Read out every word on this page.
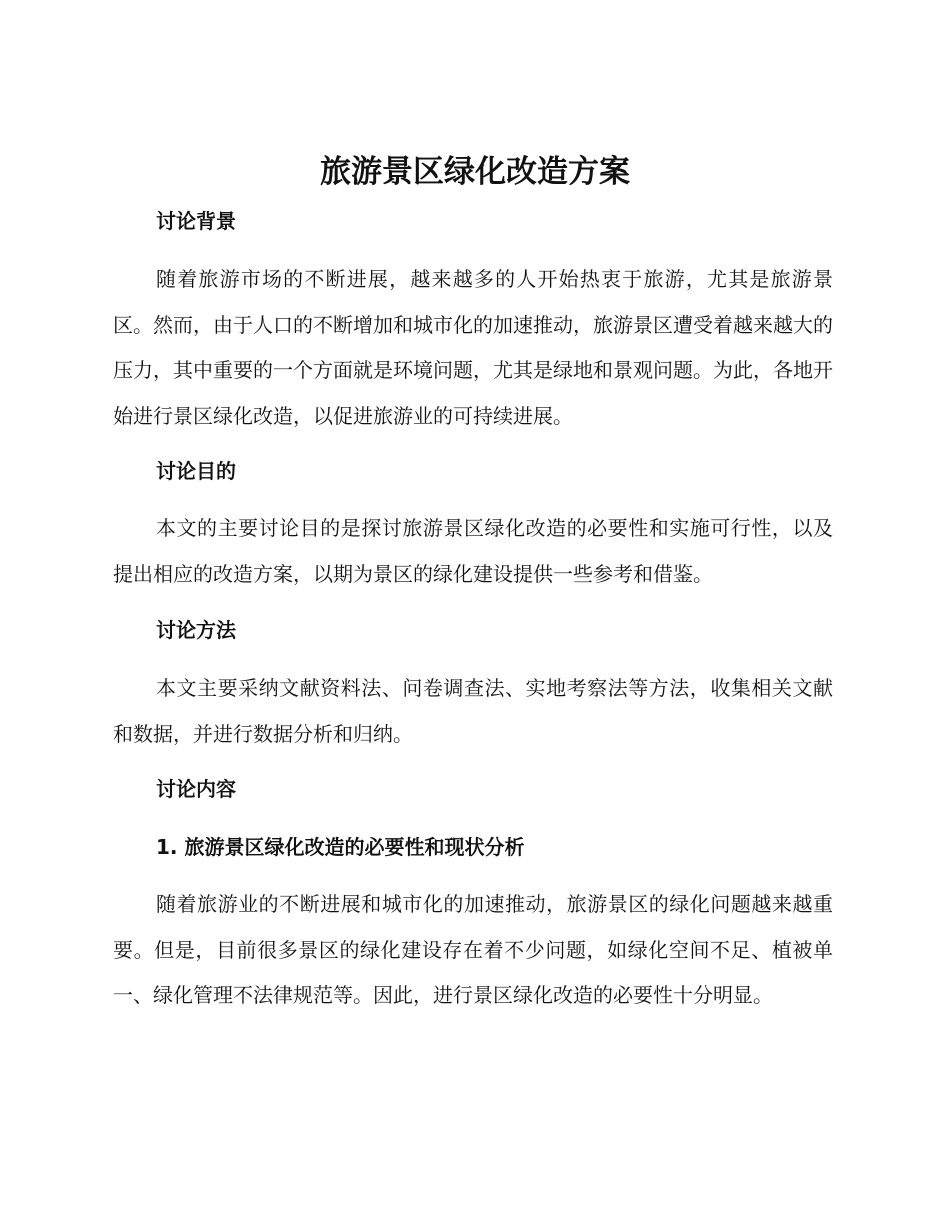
旅游景区绿化改造方案
讨论背景

随着旅游市场的不断进展，越来越多的人开始热衷于旅游，尤其是旅游景区。然而，由于人口的不断增加和城市化的加速推动，旅游景区遭受着越来越大的压力，其中重要的一个方面就是环境问题，尤其是绿地和景观问题。为此，各地开始进行景区绿化改造，以促进旅游业的可持续进展。

讨论目的

本文的主要讨论目的是探讨旅游景区绿化改造的必要性和实施可行性，以及提出相应的改造方案，以期为景区的绿化建设提供一些参考和借鉴。

讨论方法

本文主要采纳文献资料法、问卷调查法、实地考察法等方法，收集相关文献和数据，并进行数据分析和归纳。

讨论内容
1. 旅游景区绿化改造的必要性和现状分析

随着旅游业的不断进展和城市化的加速推动，旅游景区的绿化问题越来越重要。但是，目前很多景区的绿化建设存在着不少问题，如绿化空间不足、植被单一、绿化管理不法律规范等。因此，进行景区绿化改造的必要性十分明显。
